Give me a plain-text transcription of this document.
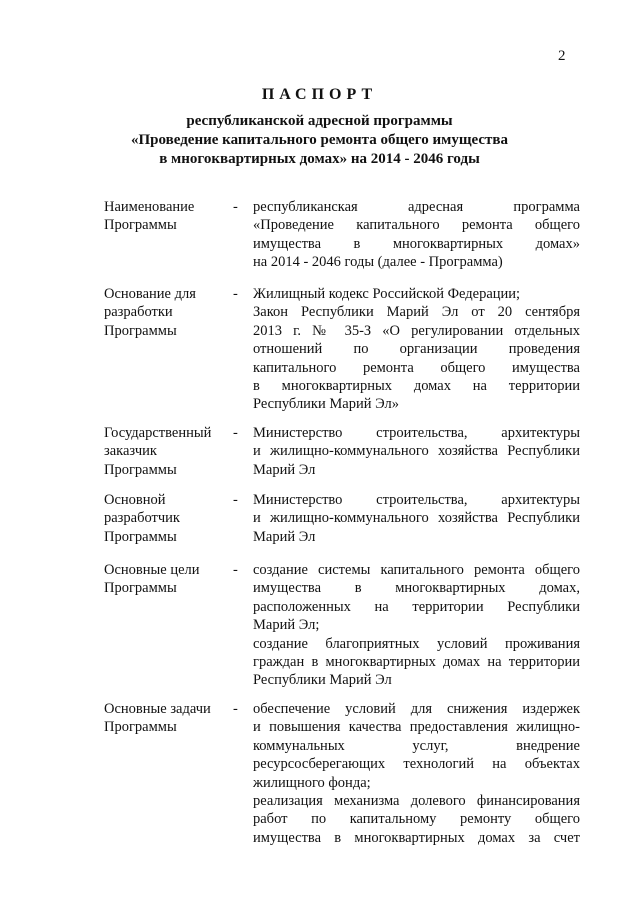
2
ПАСПОРТ
республиканской адресной программы
«Проведение капитального ремонта общего имущества
в многоквартирных домах» на 2014 - 2046 годы
Наименование
Программы
- республиканская адресная программа
«Проведение капитального ремонта общего
имущества в многоквартирных домах»
на 2014 - 2046 годы (далее - Программа)
Основание для
разработки
Программы
- Жилищный кодекс Российской Федерации;
Закон Республики Марий Эл от 20 сентября
2013 г. № 35-З «О регулировании отдельных
отношений по организации проведения
капитального ремонта общего имущества
в многоквартирных домах на территории
Республики Марий Эл»
Государственный
заказчик
Программы
- Министерство строительства, архитектуры
и жилищно-коммунального хозяйства Республики
Марий Эл
Основной
разработчик
Программы
- Министерство строительства, архитектуры
и жилищно-коммунального хозяйства Республики
Марий Эл
Основные цели
Программы
- создание системы капитального ремонта общего
имущества в многоквартирных домах,
расположенных на территории Республики
Марий Эл;
создание благоприятных условий проживания
граждан в многоквартирных домах на территории
Республики Марий Эл
Основные задачи
Программы
- обеспечение условий для снижения издержек
и повышения качества предоставления жилищно-
коммунальных услуг, внедрение
ресурсосберегающих технологий на объектах
жилищного фонда;
реализация механизма долевого финансирования
работ по капитальному ремонту общего
имущества в многоквартирных домах за счет
